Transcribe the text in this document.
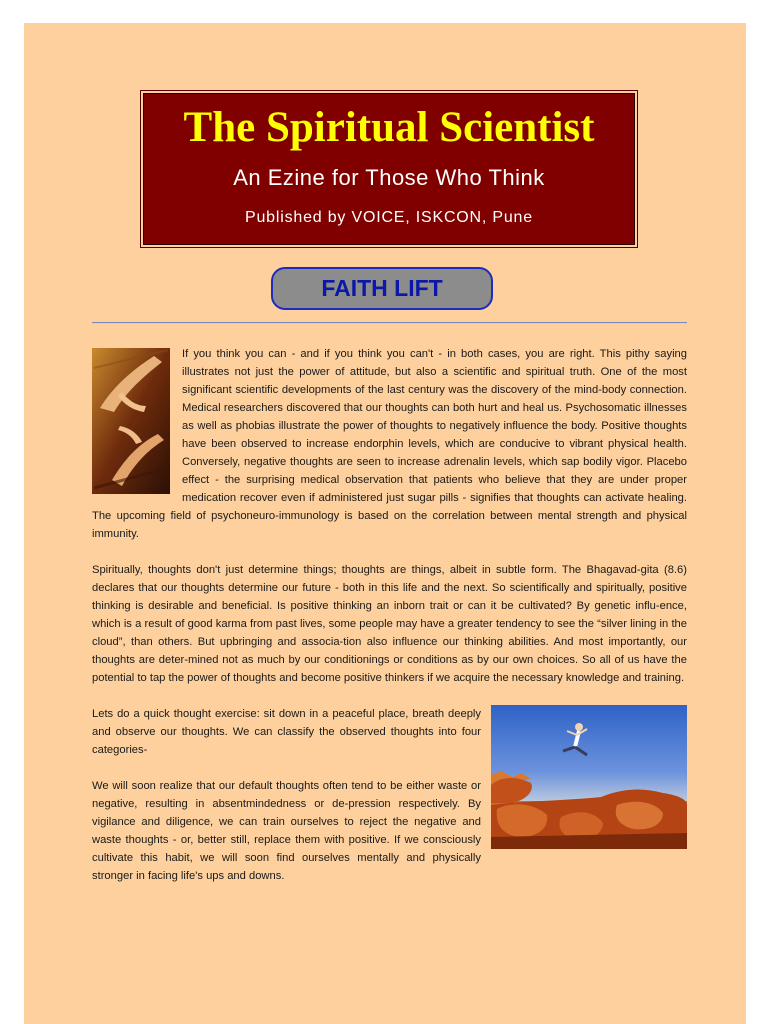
The Spiritual Scientist
An Ezine for Those Who Think
Published by VOICE, ISKCON, Pune
FAITH LIFT

If you think you can - and if you think you can't - in both cases, you are right. This pithy saying illustrates not just the power of attitude, but also a scientific and spiritual truth. One of the most significant scientific developments of the last century was the discovery of the mind-body connection. Medical researchers discovered that our thoughts can both hurt and heal us. Psychosomatic illnesses as well as phobias illustrate the power of thoughts to negatively influence the body. Positive thoughts have been observed to increase endorphin levels, which are conducive to vibrant physical health. Conversely, negative thoughts are seen to increase adrenalin levels, which sap bodily vigor. Placebo effect - the surprising medical observation that patients who believe that they are under proper medication recover even if administered just sugar pills - signifies that thoughts can activate healing. The upcoming field of psychoneuro-immunology is based on the correlation between mental strength and physical immunity.

Spiritually, thoughts don't just determine things; thoughts are things, albeit in subtle form. The Bhagavad-gita (8.6) declares that our thoughts determine our future - both in this life and the next. So scientifically and spiritually, positive thinking is desirable and beneficial. Is positive thinking an inborn trait or can it be cultivated? By genetic influ-ence, which is a result of good karma from past lives, some people may have a greater tendency to see the “silver lining in the cloud”, than others. But upbringing and associa-tion also influence our thinking abilities. And most importantly, our thoughts are deter-mined not as much by our conditionings or conditions as by our own choices. So all of us have the potential to tap the power of thoughts and become positive thinkers if we acquire the necessary knowledge and training.

Lets do a quick thought exercise: sit down in a peaceful place, breath deeply and observe our thoughts. We can classify the observed thoughts into four categories-

We will soon realize that our default thoughts often tend to be either waste or negative, resulting in absentmindedness or de-pression respectively. By vigilance and diligence, we can train ourselves to reject the negative and waste thoughts - or, better still, replace them with positive. If we consciously cultivate this habit, we will soon find ourselves mentally and physically stronger in facing life's ups and downs.
